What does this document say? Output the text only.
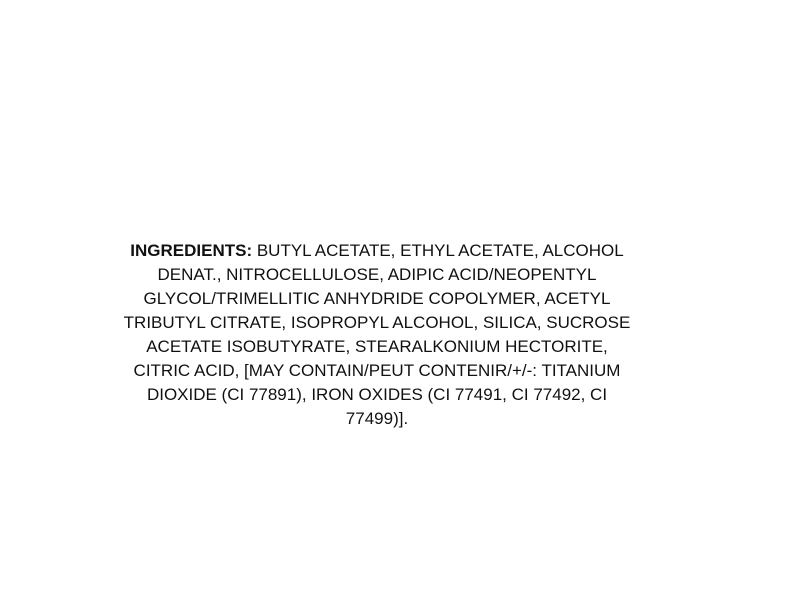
INGREDIENTS: BUTYL ACETATE, ETHYL ACETATE, ALCOHOL DENAT., NITROCELLULOSE, ADIPIC ACID/NEOPENTYL GLYCOL/TRIMELLITIC ANHYDRIDE COPOLYMER, ACETYL TRIBUTYL CITRATE, ISOPROPYL ALCOHOL, SILICA, SUCROSE ACETATE ISOBUTYRATE, STEARALKONIUM HECTORITE, CITRIC ACID, [MAY CONTAIN/PEUT CONTENIR/+/-: TITANIUM DIOXIDE (CI 77891), IRON OXIDES (CI 77491, CI 77492, CI 77499)].
